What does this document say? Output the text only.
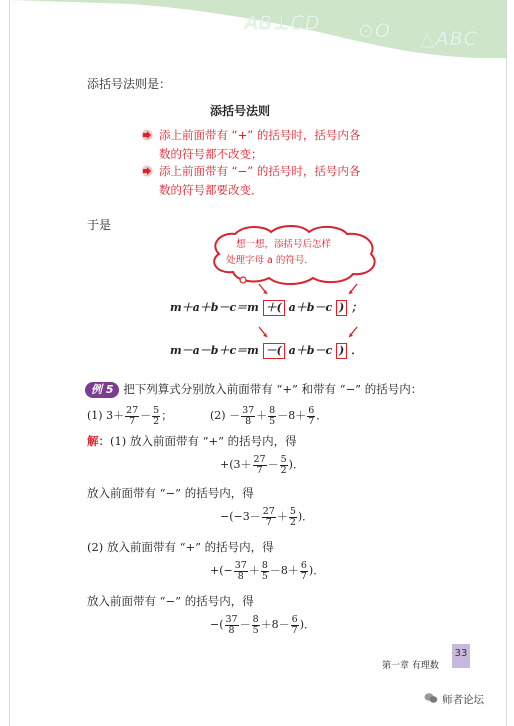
AB⊥CD ⊙O △ABC
添括号法则是：
添括号法则
添上前面带有 “+” 的括号时，括号内各
数的符号都不改变；
添上前面带有 “−” 的括号时，括号内各
数的符号都要改变．
于是
想一想，添括号后怎样
处理字母 a 的符号．
m＋a＋b－c＝m ＋( a＋b－c ) ；
m－a－b＋c＝m －( a＋b－c ) ．
例 5 把下列算式分别放入前面带有 “+” 和带有 “−” 的括号内：
(1) $3+ \frac{27}{7} - \frac{5}{2}$ ；	$(2) - \frac{37}{8} + \frac{8}{5} -8+ \frac{6}{7}$ ．
解：(1) 放入前面带有 “+” 的括号内，得
$+(3+ \frac{27}{7} - \frac{5}{2}$ )．
放入前面带有 “−” 的括号内，得
$-(-3- \frac{27}{7} + \frac{5}{2}$ )．
(2) 放入前面带有 “+” 的括号内，得
+(− $\frac{37}{8} + \frac{8}{5} -8+ \frac{6}{7}$ )．
放入前面带有 “−” 的括号内，得
−( $\frac{37}{8} - \frac{8}{5} +8- \frac{6}{7}$ )．
第一章 有理数
33
师者论坛
